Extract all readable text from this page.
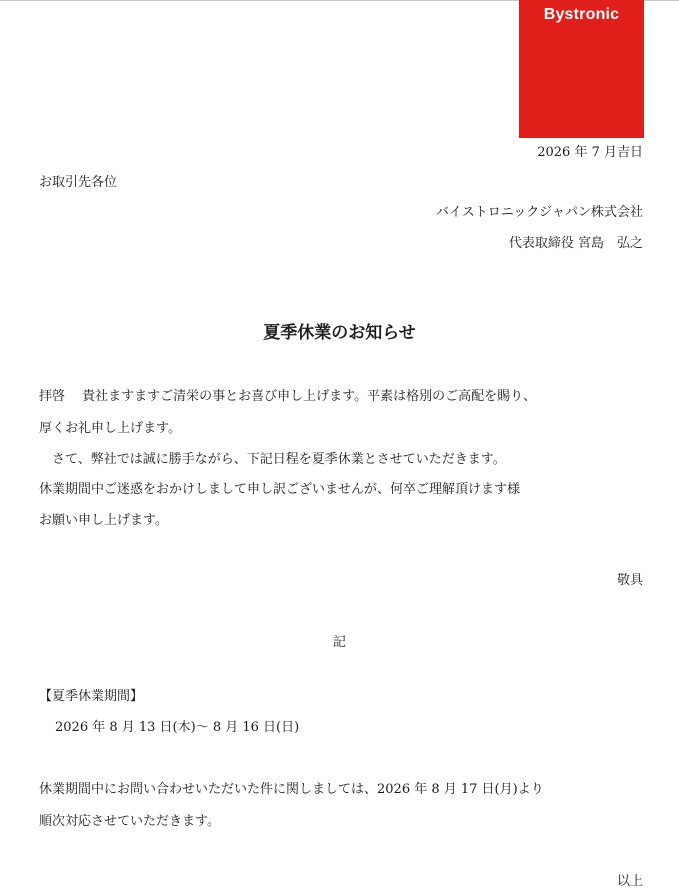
Bystronic
2026 年 7 月吉日
お取引先各位
バイストロニックジャパン株式会社
代表取締役 宮島　弘之
夏季休業のお知らせ
拝啓　 貴社ますますご清栄の事とお喜び申し上げます。平素は格別のご高配を賜り、
厚くお礼申し上げます。
　さて、弊社では誠に勝手ながら、下記日程を夏季休業とさせていただきます。
休業期間中ご迷惑をおかけしまして申し訳ございませんが、何卒ご理解頂けます様
お願い申し上げます。
敬具
記
【夏季休業期間】
2026 年 8 月 13 日(木)～ 8 月 16 日(日)
休業期間中にお問い合わせいただいた件に関しましては、2026 年 8 月 17 日(月)より
順次対応させていただきます。
以上
